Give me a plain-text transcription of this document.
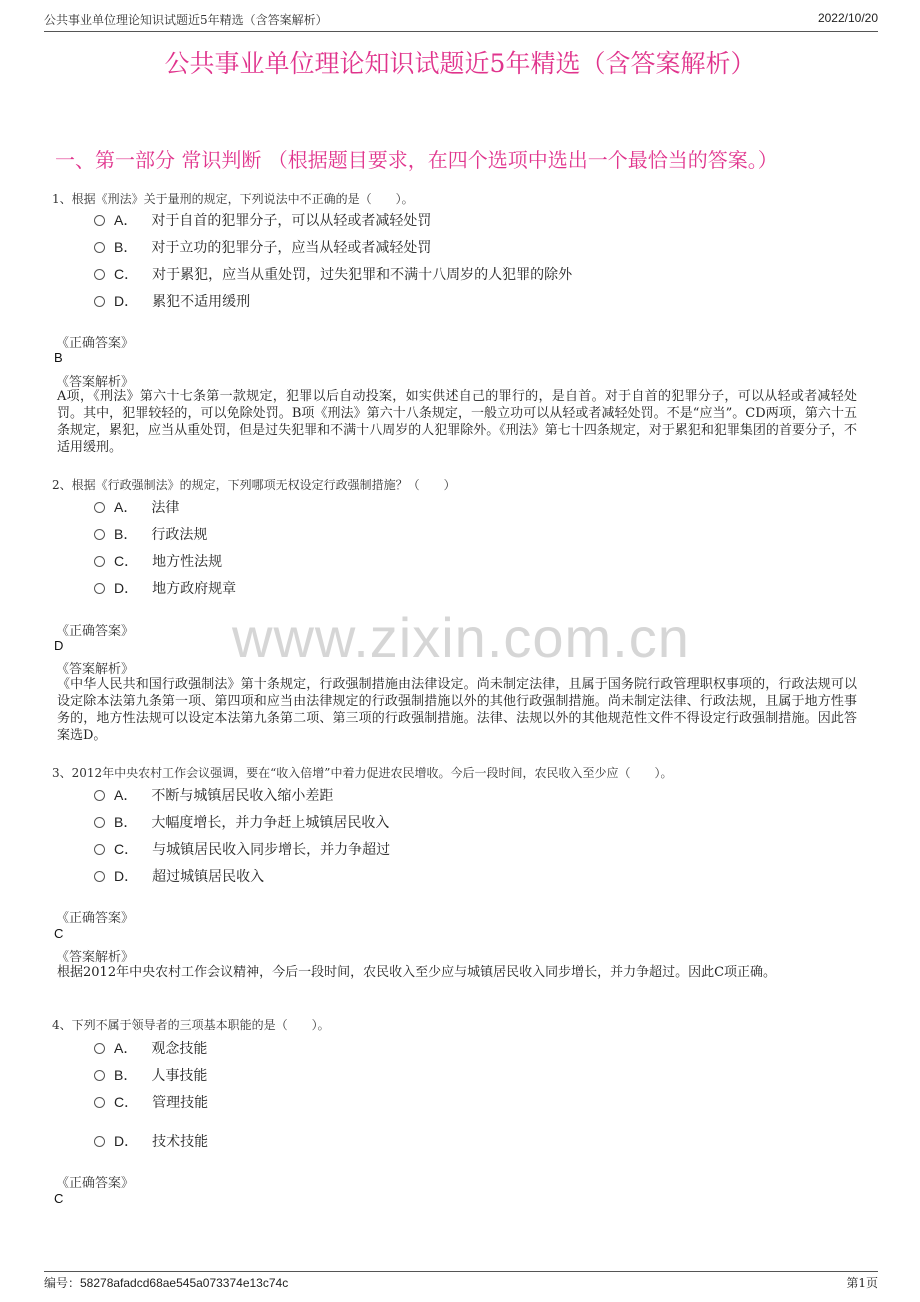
公共事业单位理论知识试题近5年精选（含答案解析）	2022/10/20
公共事业单位理论知识试题近5年精选（含答案解析）
一、第一部分 常识判断 （根据题目要求，在四个选项中选出一个最恰当的答案。）
www.zixin.com.cn
1、根据《刑法》关于量刑的规定，下列说法中不正确的是（　　）。
A． 对于自首的犯罪分子，可以从轻或者减轻处罚
B． 对于立功的犯罪分子，应当从轻或者减轻处罚
C． 对于累犯，应当从重处罚，过失犯罪和不满十八周岁的人犯罪的除外
D． 累犯不适用缓刑
《正确答案》
B
《答案解析》
A项，《刑法》第六十七条第一款规定，犯罪以后自动投案，如实供述自己的罪行的，是自首。对于自首的犯罪分子，可以从轻或者减轻处罚。其中，犯罪较轻的，可以免除处罚。B项《刑法》第六十八条规定，一般立功可以从轻或者减轻处罚。不是“应当”。CD两项，第六十五条规定，累犯，应当从重处罚，但是过失犯罪和不满十八周岁的人犯罪除外。《刑法》第七十四条规定，对于累犯和犯罪集团的首要分子，不适用缓刑。
2、根据《行政强制法》的规定，下列哪项无权设定行政强制措施？（　　）
A． 法律
B． 行政法规
C． 地方性法规
D． 地方政府规章
《正确答案》
D
《答案解析》
《中华人民共和国行政强制法》第十条规定，行政强制措施由法律设定。尚未制定法律，且属于国务院行政管理职权事项的，行政法规可以设定除本法第九条第一项、第四项和应当由法律规定的行政强制措施以外的其他行政强制措施。尚未制定法律、行政法规，且属于地方性事务的，地方性法规可以设定本法第九条第二项、第三项的行政强制措施。法律、法规以外的其他规范性文件不得设定行政强制措施。因此答案选D。
3、2012年中央农村工作会议强调，要在“收入倍增”中着力促进农民增收。今后一段时间，农民收入至少应（　　）。
A． 不断与城镇居民收入缩小差距
B． 大幅度增长，并力争赶上城镇居民收入
C． 与城镇居民收入同步增长，并力争超过
D． 超过城镇居民收入
《正确答案》
C
《答案解析》
根据2012年中央农村工作会议精神，今后一段时间，农民收入至少应与城镇居民收入同步增长，并力争超过。因此C项正确。
4、下列不属于领导者的三项基本职能的是（　　）。
A． 观念技能
B． 人事技能
C． 管理技能
D． 技术技能
《正确答案》
C
编号：58278afadcd68ae545a073374e13c74c	第1页
